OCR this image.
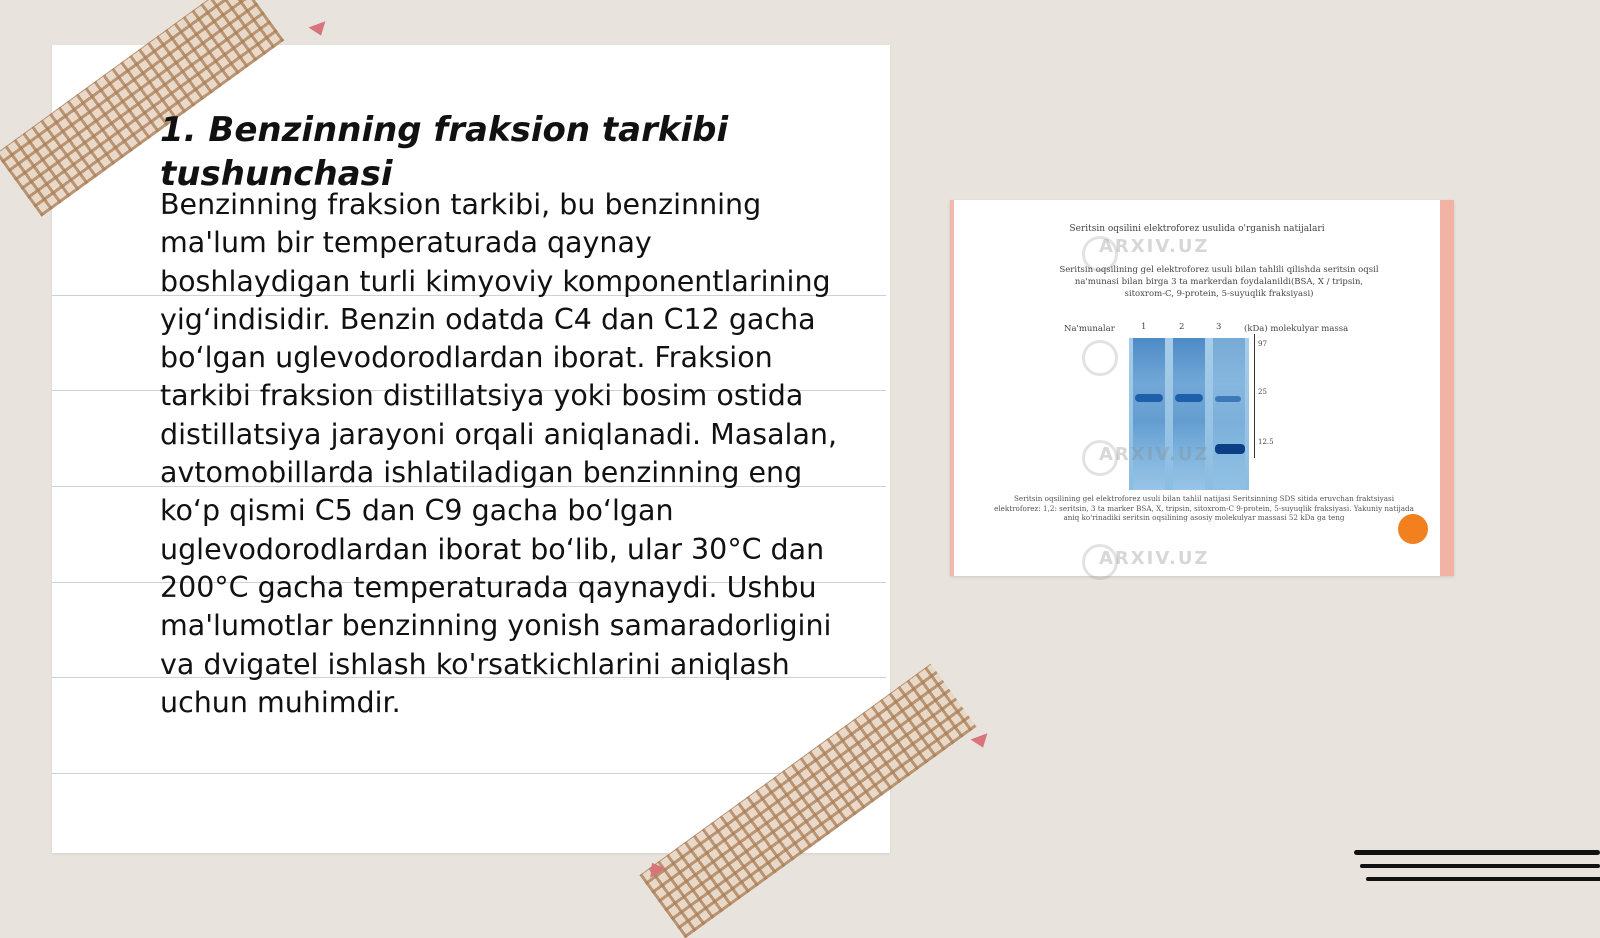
1. Benzinning fraksion tarkibi tushunchasi

Benzinning fraksion tarkibi, bu benzinning ma'lum bir temperaturada qaynay boshlaydigan turli kimyoviy komponentlarining yig‘indisidir. Benzin odatda C4 dan C12 gacha bo‘lgan uglevodorodlardan iborat. Fraksion tarkibi fraksion distillatsiya yoki bosim ostida distillatsiya jarayoni orqali aniqlanadi. Masalan, avtomobillarda ishlatiladigan benzinning eng ko‘p qismi C5 dan C9 gacha bo‘lgan uglevodorodlardan iborat bo‘lib, ular 30°C dan 200°C gacha temperaturada qaynaydi. Ushbu ma'lumotlar benzinning yonish samaradorligini va dvigatel ishlash ko'rsatkichlarini aniqlash uchun muhimdir.

Seritsin oqsilini elektroforez usulida o'rganish natijalari
ARXIV.UZ
Seritsin oqsilining gel elektroforez usuli bilan tahlili qilishda seritsin oqsil na'munasi bilan birga 3 ta markerdan foydalanildi(BSA, X / tripsin, sitoxrom-C, 9-protein, 5-suyuqlik fraksiyasi)
Na'munalar	1	2	3	(kDa) molekulyar massa
ARXIV.UZ
97
25
12.5
Seritsin oqsilining gel elektroforez usuli bilan tahlil natijasi Seritsinning SDS sitida eruvchan fraktsiyasi elektroforez: 1,2: seritsin, 3 ta marker BSA, X, tripsin, sitoxrom-C 9-protein, 5-suyuqlik fraksiyasi. Yakuniy natijada aniq ko'rinadiki seritsin oqsilining asosiy molekulyar massasi 52 kDa ga teng
ARXIV.UZ
